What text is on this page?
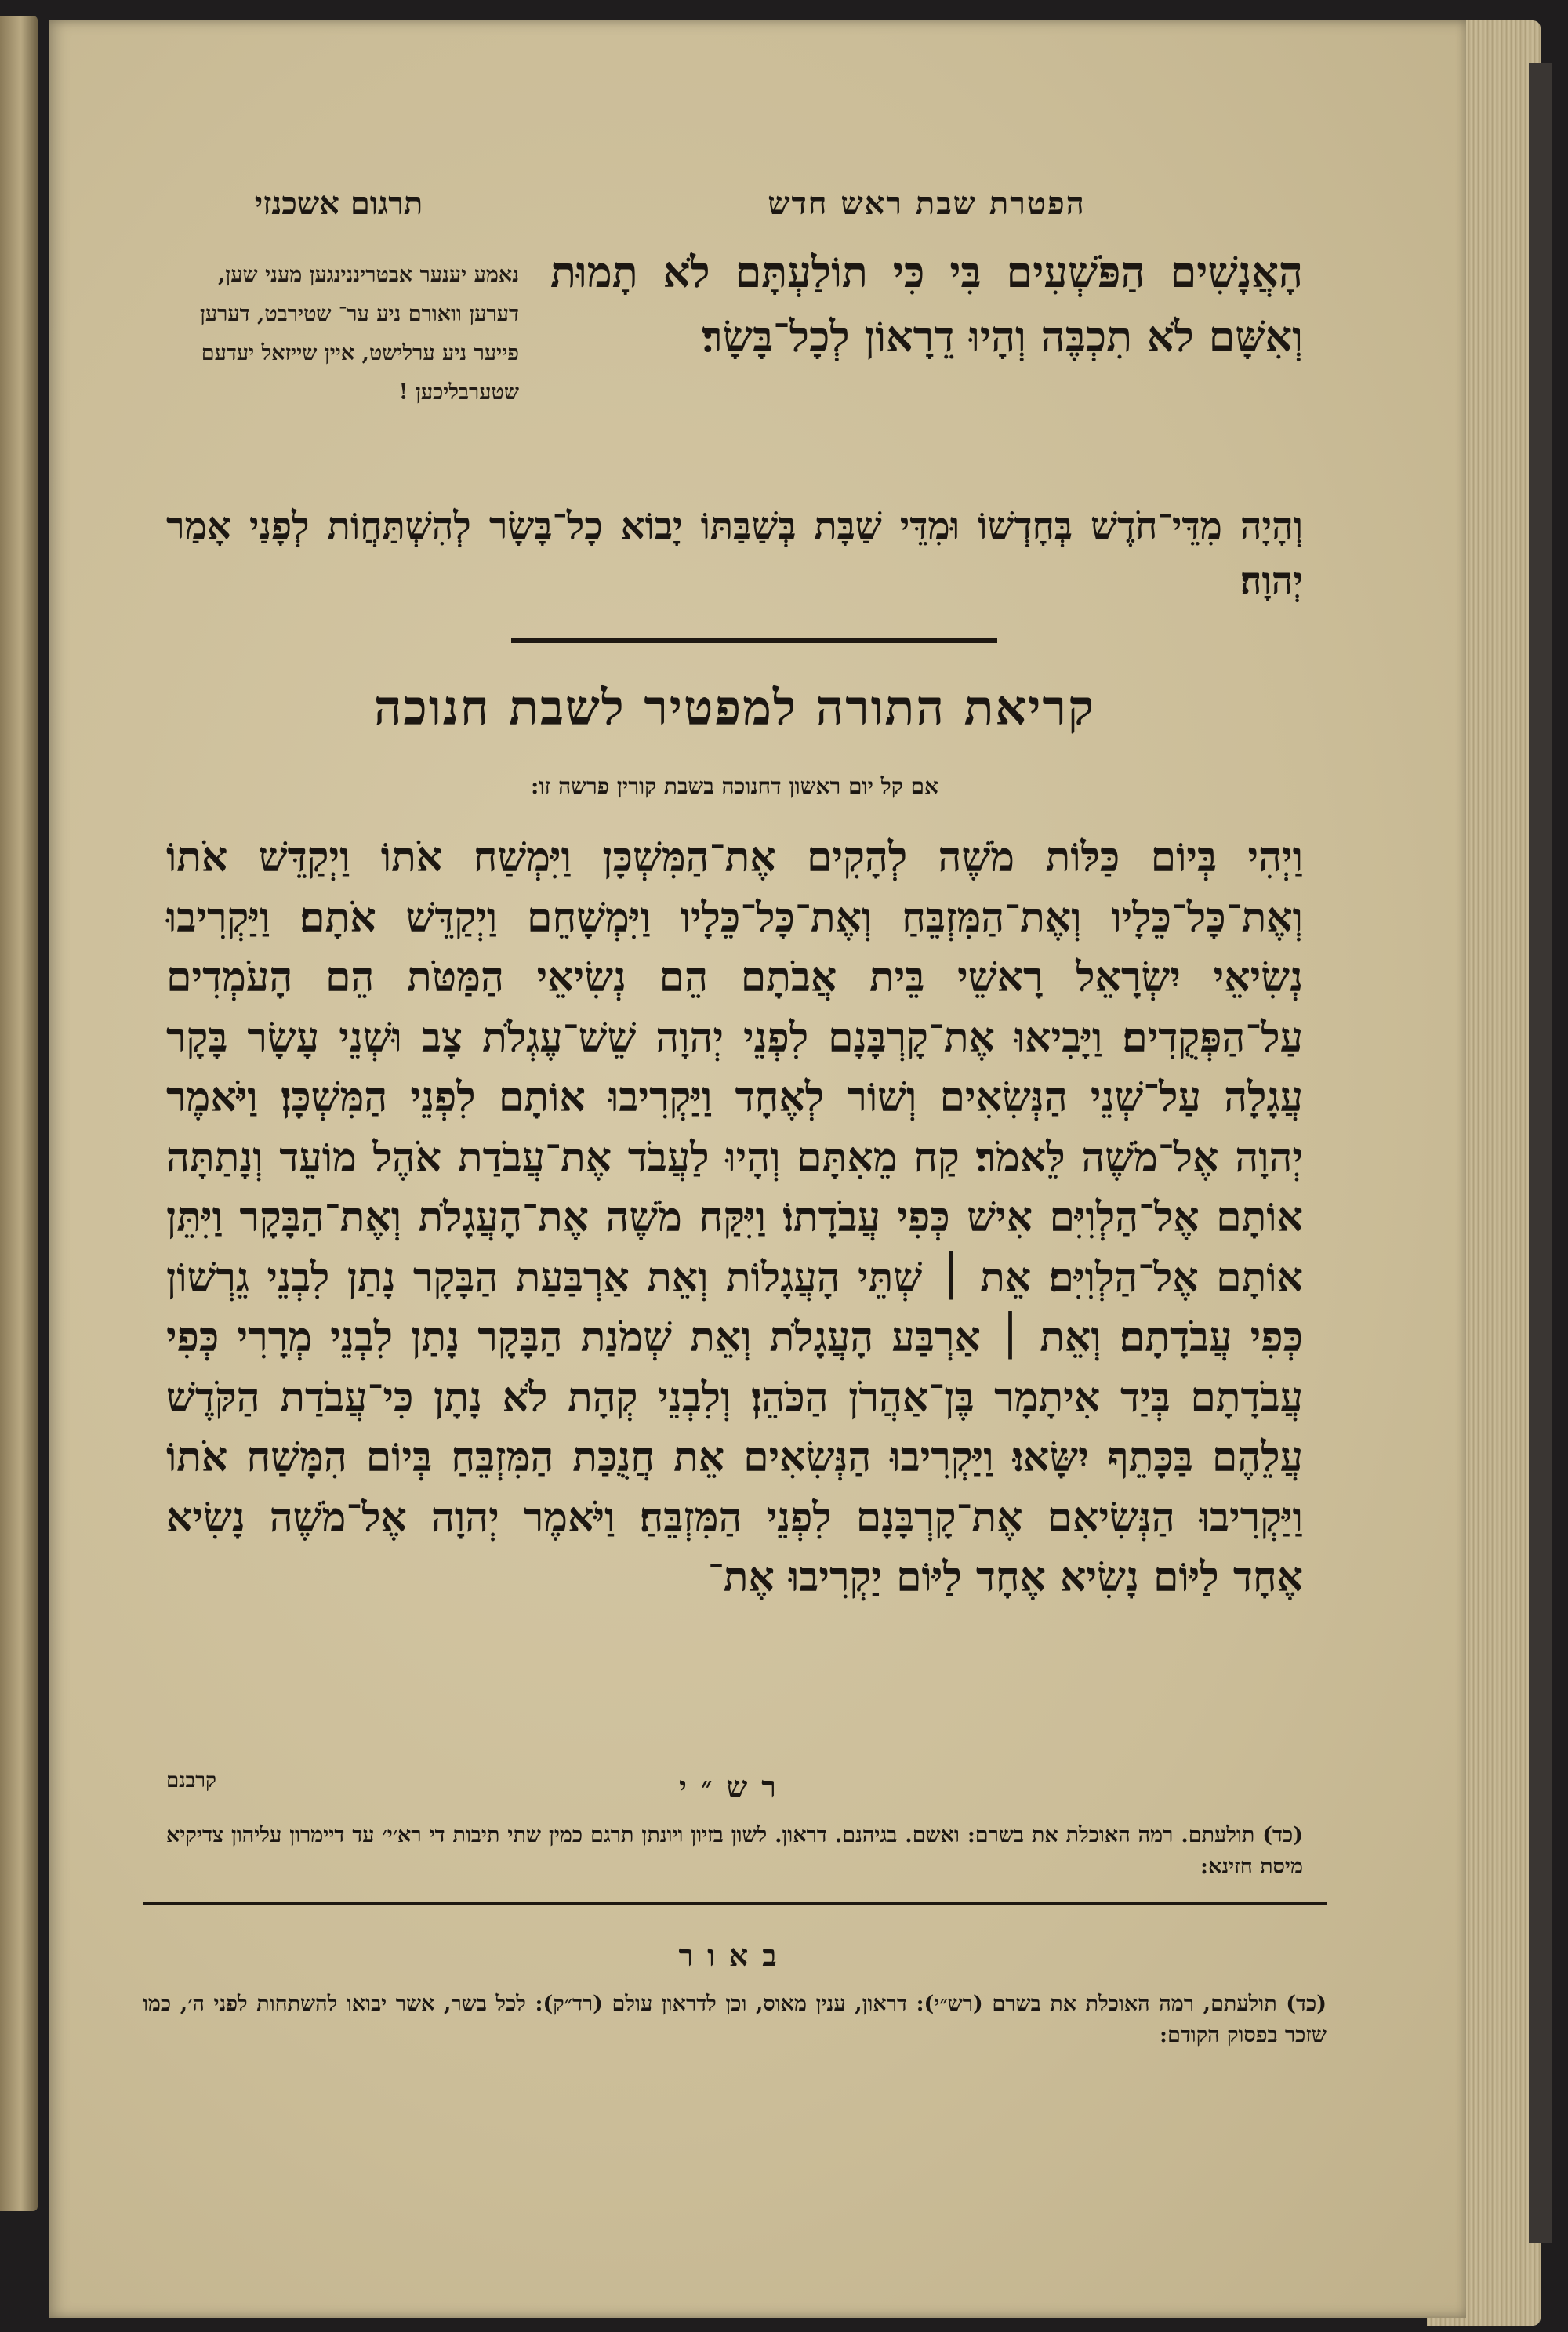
הפטרת שבת ראש חדש
תרגום אשכנזי
הָאֲנָשִׁים הַפֹּשְׁעִים בִּי כִּי תוֹלַעְתָּם לֹא תָמוּת וְאִשָּׁם לֹא תִכְבֶּה וְהָיוּ דֵרָאוֹן לְכָל־בָּשָׂר׃
נאמע יענער אבטריננינגען מעני שען, דערען וואורם ניע ער־ שטירבט, דערען פייער ניע ערלישט, איין שייזאל יעדעם שטערבליכען !
וְהָיָה מִדֵּי־חֹדֶשׁ בְּחָדְשׁוֹ וּמִדֵּי שַׁבָּת בְּשַׁבַּתּוֹ יָבוֹא כָל־בָּשָׂר לְהִשְׁתַּחֲוֹת לְפָנַי אָמַר יְהוָה׃
קריאת התורה למפטיר לשבת חנוכה
אם קל יום ראשון דחנוכה בשבת קורין פרשה זו:
וַיְהִי בְּיוֹם כַּלּוֹת מֹשֶׁה לְהָקִים אֶת־הַמִּשְׁכָּן וַיִּמְשַׁח אֹתוֹ וַיְקַדֵּשׁ אֹתוֹ וְאֶת־כָּל־כֵּלָיו וְאֶת־הַמִּזְבֵּחַ וְאֶת־כָּל־כֵּלָיו וַיִּמְשָׁחֵם וַיְקַדֵּשׁ אֹתָם׃ וַיַּקְרִיבוּ נְשִׂיאֵי יִשְׂרָאֵל רָאשֵׁי בֵּית אֲבֹתָם הֵם נְשִׂיאֵי הַמַּטֹּת הֵם הָעֹמְדִים עַל־הַפְּקֻדִים׃ וַיָּבִיאוּ אֶת־קָרְבָּנָם לִפְנֵי יְהוָה שֵׁשׁ־עֶגְלֹת צָב וּשְׁנֵי עָשָׂר בָּקָר עֲגָלָה עַל־שְׁנֵי הַנְּשִׂאִים וְשׁוֹר לְאֶחָד וַיַּקְרִיבוּ אוֹתָם לִפְנֵי הַמִּשְׁכָּן׃ וַיֹּאמֶר יְהוָה אֶל־מֹשֶׁה לֵּאמֹר׃ קַח מֵאִתָּם וְהָיוּ לַעֲבֹד אֶת־עֲבֹדַת אֹהֶל מוֹעֵד וְנָתַתָּה אוֹתָם אֶל־הַלְוִיִּם אִישׁ כְּפִי עֲבֹדָתוֹ׃ וַיִּקַּח מֹשֶׁה אֶת־הָעֲגָלֹת וְאֶת־הַבָּקָר וַיִּתֵּן אוֹתָם אֶל־הַלְוִיִּם׃ אֵת ׀ שְׁתֵּי הָעֲגָלוֹת וְאֵת אַרְבַּעַת הַבָּקָר נָתַן לִבְנֵי גֵרְשׁוֹן כְּפִי עֲבֹדָתָם׃ וְאֵת ׀ אַרְבַּע הָעֲגָלֹת וְאֵת שְׁמֹנַת הַבָּקָר נָתַן לִבְנֵי מְרָרִי כְּפִי עֲבֹדָתָם בְּיַד אִיתָמָר בֶּן־אַהֲרֹן הַכֹּהֵן׃ וְלִבְנֵי קְהָת לֹא נָתָן כִּי־עֲבֹדַת הַקֹּדֶשׁ עֲלֵהֶם בַּכָּתֵף יִשָּׂאוּ׃ וַיַּקְרִיבוּ הַנְּשִׂאִים אֵת חֲנֻכַּת הַמִּזְבֵּחַ בְּיוֹם הִמָּשַׁח אֹתוֹ וַיַּקְרִיבוּ הַנְּשִׂיאִם אֶת־קָרְבָּנָם לִפְנֵי הַמִּזְבֵּחַ׃ וַיֹּאמֶר יְהוָה אֶל־מֹשֶׁה נָשִׂיא אֶחָד לַיּוֹם נָשִׂיא אֶחָד לַיּוֹם יַקְרִיבוּ אֶת־
קרבנם	רש״י
(כד) תולעתם. רמה האוכלת את בשרם: ואשם. בגיהנם. דראון. לשון בזיון ויונתן תרגם כמין שתי תיבות די רא׳י׳ עד דיימרון עליהון צדיקיא מיסת חזינא:
באור
(כד) תולעתם, רמה האוכלת את בשרם (רש״י): דראון, ענין מאוס, וכן לדראון עולם (רד״ק): לכל בשר, אשר יבואו להשתחות לפני ה׳, כמו שזכר בפסוק הקודם:
